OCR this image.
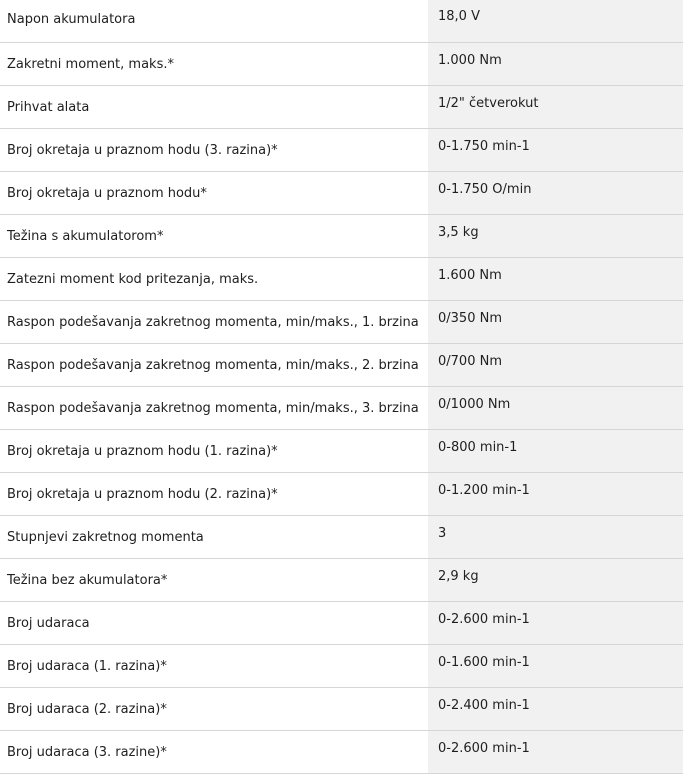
Napon akumulatora	18,0 V
Zakretni moment, maks.*	1.000 Nm
Prihvat alata	1/2" četverokut
Broj okretaja u praznom hodu (3. razina)*	0-1.750 min-1
Broj okretaja u praznom hodu*	0-1.750 O/min
Težina s akumulatorom*	3,5 kg
Zatezni moment kod pritezanja, maks.	1.600 Nm
Raspon podešavanja zakretnog momenta, min/maks., 1. brzina	0/350 Nm
Raspon podešavanja zakretnog momenta, min/maks., 2. brzina	0/700 Nm
Raspon podešavanja zakretnog momenta, min/maks., 3. brzina	0/1000 Nm
Broj okretaja u praznom hodu (1. razina)*	0-800 min-1
Broj okretaja u praznom hodu (2. razina)*	0-1.200 min-1
Stupnjevi zakretnog momenta	3
Težina bez akumulatora*	2,9 kg
Broj udaraca	0-2.600 min-1
Broj udaraca (1. razina)*	0-1.600 min-1
Broj udaraca (2. razina)*	0-2.400 min-1
Broj udaraca (3. razine)*	0-2.600 min-1
